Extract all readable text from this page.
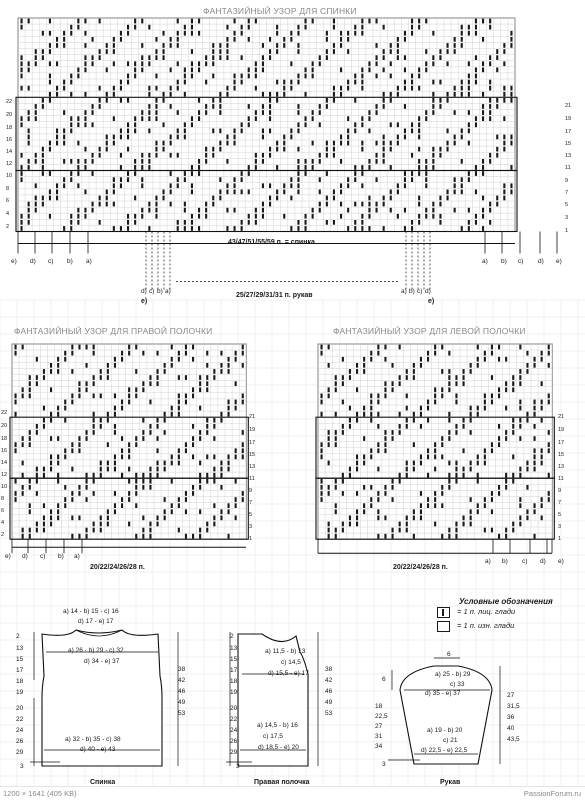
ФАНТАЗИЙНЫЙ УЗОР ДЛЯ СПИНКИ
ФАНТАЗИЙНЫЙ УЗОР ДЛЯ ПРАВОЙ ПОЛОЧКИ	ФАНТАЗИЙНЫЙ УЗОР ДЛЯ ЛЕВОЙ ПОЛОЧКИ
22
20
18
16
14
12
10
8
6
4
2
21
19
17
15
13
11
9
7
5
3
1
43/47/51/55/59 п. = спинка
25/27/29/31/31 п. рукав
e) d) c) b) a)	a) b) c) d) e)
d) c) b) a)	a) b) c) d)
e)	e)
22
20
18
16
14
12
10
8
6
4
2
21
19
17
15
13
11
9
7
5
3
1
21
19
17
15
13
11
9
7
5
3
1
20/22/24/26/28 п.	20/22/24/26/28 п.
e) d) c) b) a)
a) b) c) d) e)
Условные обозначения
= 1 п. лиц. глади
= 1 п. изн. глади
a) 14 - b) 15 - c) 16
d) 17 - e) 17
a) 26 - b) 29 - c) 32
d) 34 - e) 37
a) 32 - b) 35 - c) 38
d) 40 - e) 43
2
13
15
17
18
19
20
22
24
26
29
38
42
46
49
53
3
Спинка
a) 11,5 - b) 13
c) 14,5
d) 15,5 - e) 17
a) 14,5 - b) 16
c) 17,5
d) 18,5 - e) 20
2
13
15
17
18
19
20
22
24
26
29
38
42
46
49
53
3
Правая полочка
6
a) 25 - b) 29
c) 33
d) 35 - e) 37
6
18
22,5
27
31
34
27
31,5
36
40
43,5
a) 19 - b) 20
c) 21
d) 22,5 - e) 22,5
3
Рукав
1200 × 1641 (405 KB)	PassionForum.ru
